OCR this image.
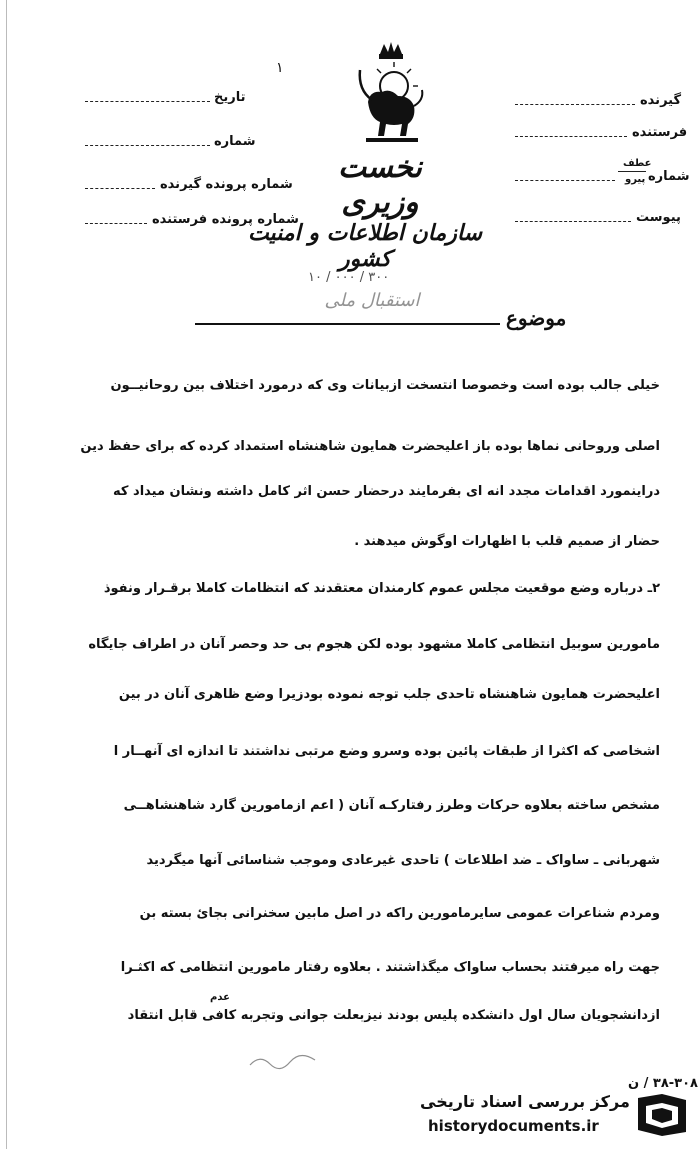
گیرنده
فرستنده
شماره
عطف
پیرو
پیوست
تاریخ
شماره
شماره پرونده گیرنده
شماره پرونده فرستنده
۱
نخست وزیری
سازمان اطلاعات و امنیت کشور
۳۰۰ / ۰۰۰ / ۱۰
استقبال ملی
موضوع
خیلی جالب بوده است وخصوصا انتسخت ازبیانات وی که درمورد اختلاف بین روحانیــون
اصلی وروحانی نماها بوده باز اعلیحضرت همایون شاهنشاه استمداد کرده که برای حفظ دین
دراینمورد اقدامات مجدد انه ای بفرمایند درحضار حسن اثر کامل داشته ونشان میداد که
حضار از صمیم قلب با اظهارات اوگوش میدهند .
۲ـ درباره وضع موقعیت مجلس عموم کارمندان معتقدند که انتظامات کاملا برقـرار ونفوذ
مامورین سوبیل انتظامی کاملا مشهود بوده لکن هجوم بی حد وحصر آنان در اطراف جایگاه
اعلیحضرت همایون شاهنشاه تاحدی جلب توجه نموده بودزیرا وضع ظاهری آنان در بین
اشخاصی که اکثرا از طبقات پائین بوده وسرو وضع مرتبی نداشتند تا اندازه ای آنهــار ا
مشخص ساخته بعلاوه حرکات وطرز رفتارکـه آنان ( اعم ازمامورین گارد شاهنشاهــی
شهربانی ـ ساواک ـ ضد اطلاعات ) تاحدی غیرعادی وموجب شناسائی آنها میگردید
ومردم شناعرات عمومی سایرمامورین راکه در اصل مابین سخنرانی بجائ بسته بن
جهت راه میرفتند بحساب ساواک میگذاشتند . بعلاوه رفتار مامورین انتظامی که اکثـرا
ازدانشجویان سال اول دانشکده پلیس بودند نیزبعلت جوانی وتجربه کافی قابل انتقاد
عدم
۳۸-۳۰۸ / ن
مرکز بررسی اسناد تاریخی
historydocuments.ir
